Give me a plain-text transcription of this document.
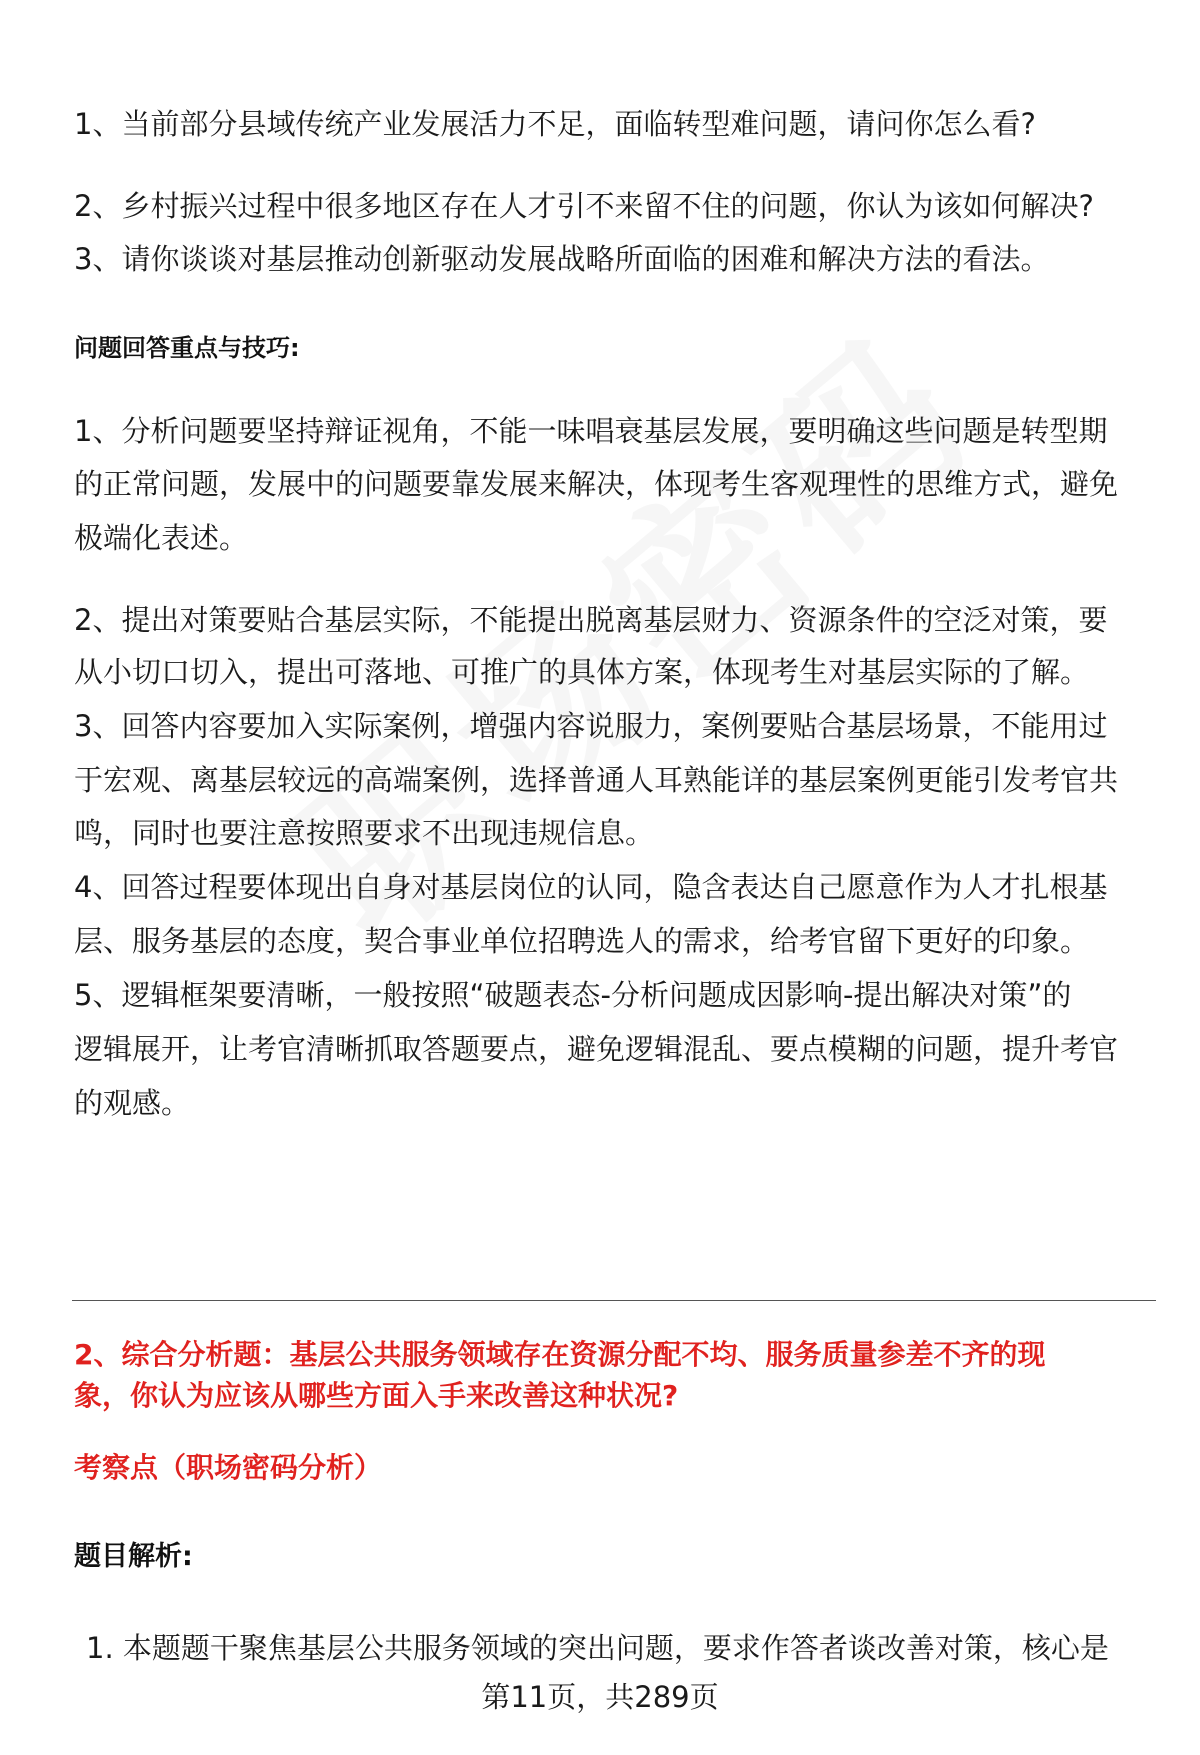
1、当前部分县域传统产业发展活力不足，面临转型难问题，请问你怎么看?
2、乡村振兴过程中很多地区存在人才引不来留不住的问题，你认为该如何解决?
3、请你谈谈对基层推动创新驱动发展战略所面临的困难和解决方法的看法。
问题回答重点与技巧:
1、分析问题要坚持辩证视角，不能一味唱衰基层发展，要明确这些问题是转型期
的正常问题，发展中的问题要靠发展来解决，体现考生客观理性的思维方式，避免
极端化表述。
2、提出对策要贴合基层实际，不能提出脱离基层财力、资源条件的空泛对策，要
从小切口切入，提出可落地、可推广的具体方案，体现考生对基层实际的了解。
3、回答内容要加入实际案例，增强内容说服力，案例要贴合基层场景，不能用过
于宏观、离基层较远的高端案例，选择普通人耳熟能详的基层案例更能引发考官共
鸣，同时也要注意按照要求不出现违规信息。
4、回答过程要体现出自身对基层岗位的认同，隐含表达自己愿意作为人才扎根基
层、服务基层的态度，契合事业单位招聘选人的需求，给考官留下更好的印象。
5、逻辑框架要清晰，一般按照“破题表态-分析问题成因影响-提出解决对策”的
逻辑展开，让考官清晰抓取答题要点，避免逻辑混乱、要点模糊的问题，提升考官
的观感。
2、综合分析题：基层公共服务领域存在资源分配不均、服务质量参差不齐的现
象，你认为应该从哪些方面入手来改善这种状况?
考察点（职场密码分析）
题目解析:
1. 本题题干聚焦基层公共服务领域的突出问题，要求作答者谈改善对策，核心是
第11页，共289页
